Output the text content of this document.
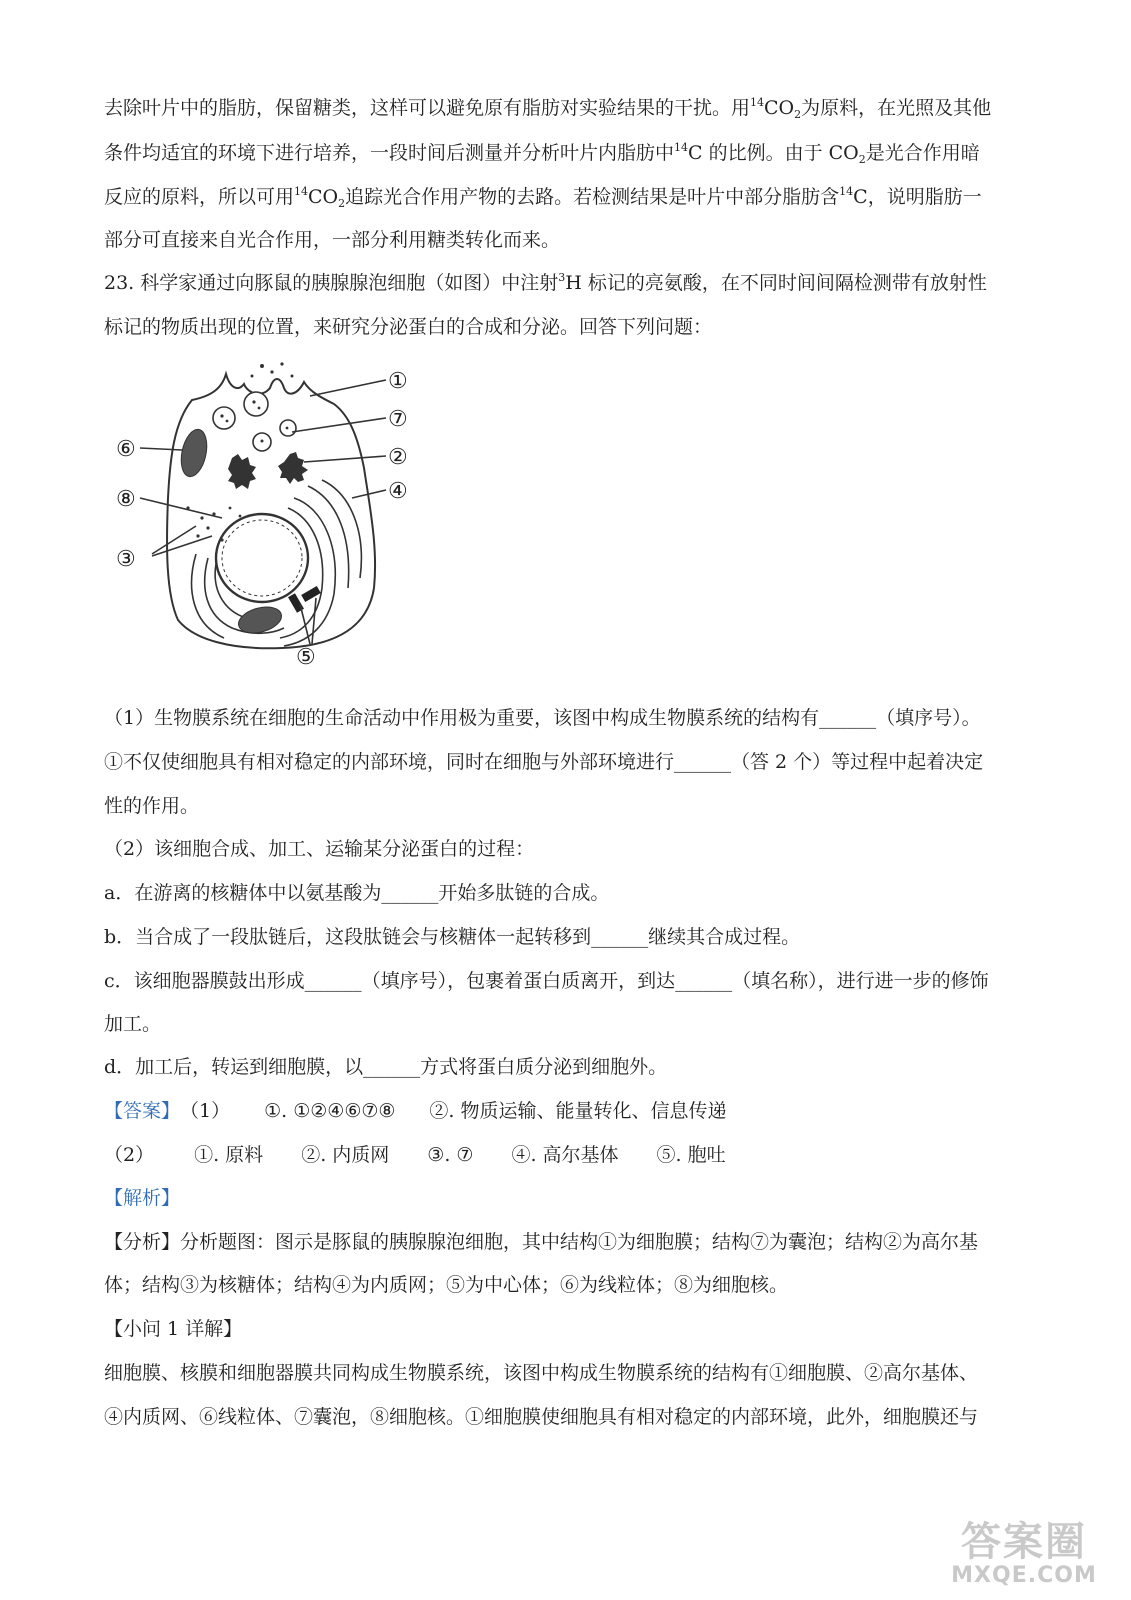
去除叶片中的脂肪，保留糖类，这样可以避免原有脂肪对实验结果的干扰。用$^{14}CO_2$为原料，在光照及其他
条件均适宜的环境下进行培养，一段时间后测量并分析叶片内脂肪中$^{14}$C 的比例。由于 $CO_2$是光合作用暗
反应的原料，所以可用$^{14}CO_2$追踪光合作用产物的去路。若检测结果是叶片中部分脂肪含$^{14}$C，说明脂肪一
部分可直接来自光合作用，一部分利用糖类转化而来。
23. 科学家通过向豚鼠的胰腺腺泡细胞（如图）中注射$^3$H 标记的亮氨酸，在不同时间间隔检测带有放射性
标记的物质出现的位置，来研究分泌蛋白的合成和分泌。回答下列问题：
①
⑦
②
④
⑥
⑧
③
⑤
（1）生物膜系统在细胞的生命活动中作用极为重要，该图中构成生物膜系统的结构有______（填序号）。
①不仅使细胞具有相对稳定的内部环境，同时在细胞与外部环境进行______（答 2 个）等过程中起着决定
性的作用。
（2）该细胞合成、加工、运输某分泌蛋白的过程：
a．在游离的核糖体中以氨基酸为______开始多肽链的合成。
b．当合成了一段肽链后，这段肽链会与核糖体一起转移到______继续其合成过程。
c．该细胞器膜鼓出形成______（填序号），包裹着蛋白质离开，到达______（填名称），进行进一步的修饰
加工。
d．加工后，转运到细胞膜，以______方式将蛋白质分泌到细胞外。
【答案】（1） ①. ①②④⑥⑦⑧ ②. 物质运输、能量转化、信息传递
（2） ①. 原料 ②. 内质网 ③. ⑦ ④. 高尔基体 ⑤. 胞吐
【解析】
【分析】分析题图：图示是豚鼠的胰腺腺泡细胞，其中结构①为细胞膜；结构⑦为囊泡；结构②为高尔基
体；结构③为核糖体；结构④为内质网；⑤为中心体；⑥为线粒体；⑧为细胞核。
【小问 1 详解】
细胞膜、核膜和细胞器膜共同构成生物膜系统，该图中构成生物膜系统的结构有①细胞膜、②高尔基体、
④内质网、⑥线粒体、⑦囊泡，⑧细胞核。①细胞膜使细胞具有相对稳定的内部环境，此外，细胞膜还与
答案圈
MXQE.COM
